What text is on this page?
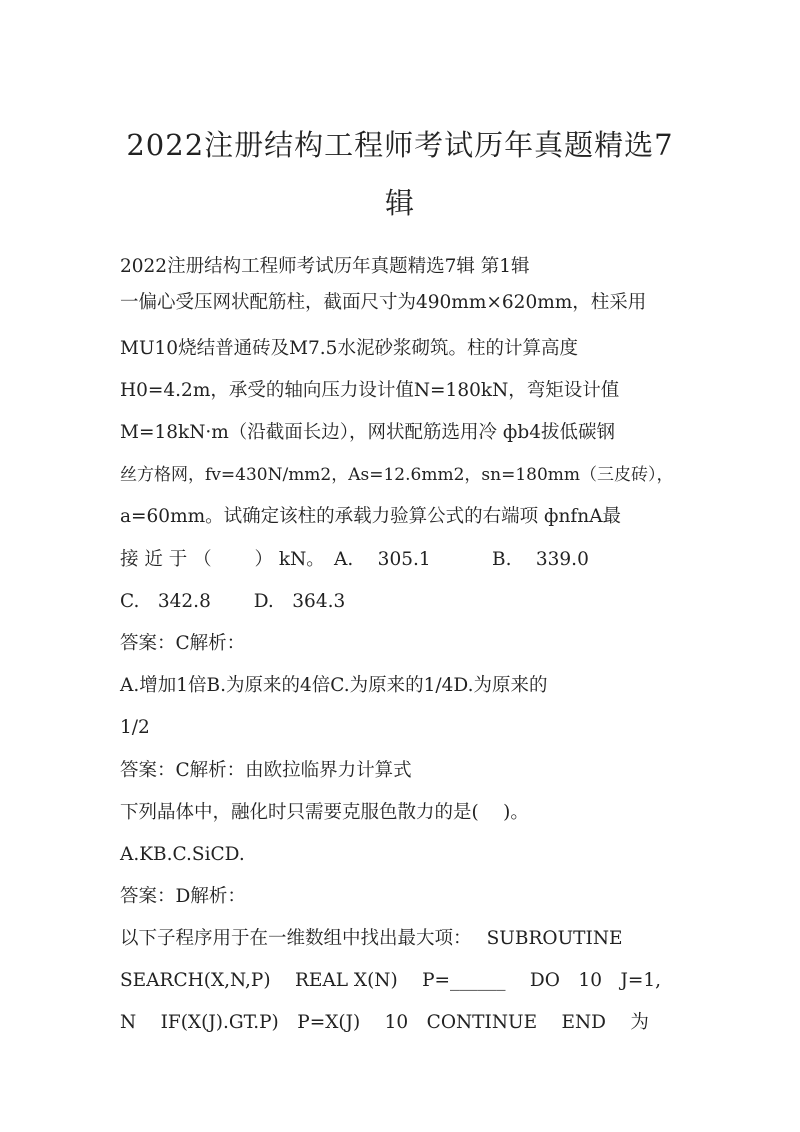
2022注册结构工程师考试历年真题精选7
辑
2022注册结构工程师考试历年真题精选7辑 第1辑
一偏心受压网状配筋柱，截面尺寸为490mm×620mm，柱采用
MU10烧结普通砖及M7.5水泥砂浆砌筑。柱的计算高度
H0=4.2m，承受的轴向压力设计值N=180kN，弯矩设计值
M=18kN·m（沿截面长边），网状配筋选用冷 фb4拔低碳钢
丝方格网，fv=430N/mm2，As=12.6mm2，sn=180mm（三皮砖），
a=60mm。试确定该柱的承载力验算公式的右端项 фnfnA最
接 近 于 （　　 ） kN。　A.　 305.1　　　 B.　 339.0
C.　342.8　　 D.　364.3
答案：C解析：
A.增加1倍B.为原来的4倍C.为原来的1/4D.为原来的
1/2
答案：C解析：由欧拉临界力计算式
下列晶体中，融化时只需要克服色散力的是(　 )。
A.KB.C.SiCD.
答案：D解析：
以下子程序用于在一维数组中找出最大项：　 SUBROUTINE
SEARCH(X,N,P)　 REAL X(N)　 P=______　 DO　10　J=1,
N　 IF(X(J).GT.P)　P=X(J)　 10　CONTINUE　 END　 为
